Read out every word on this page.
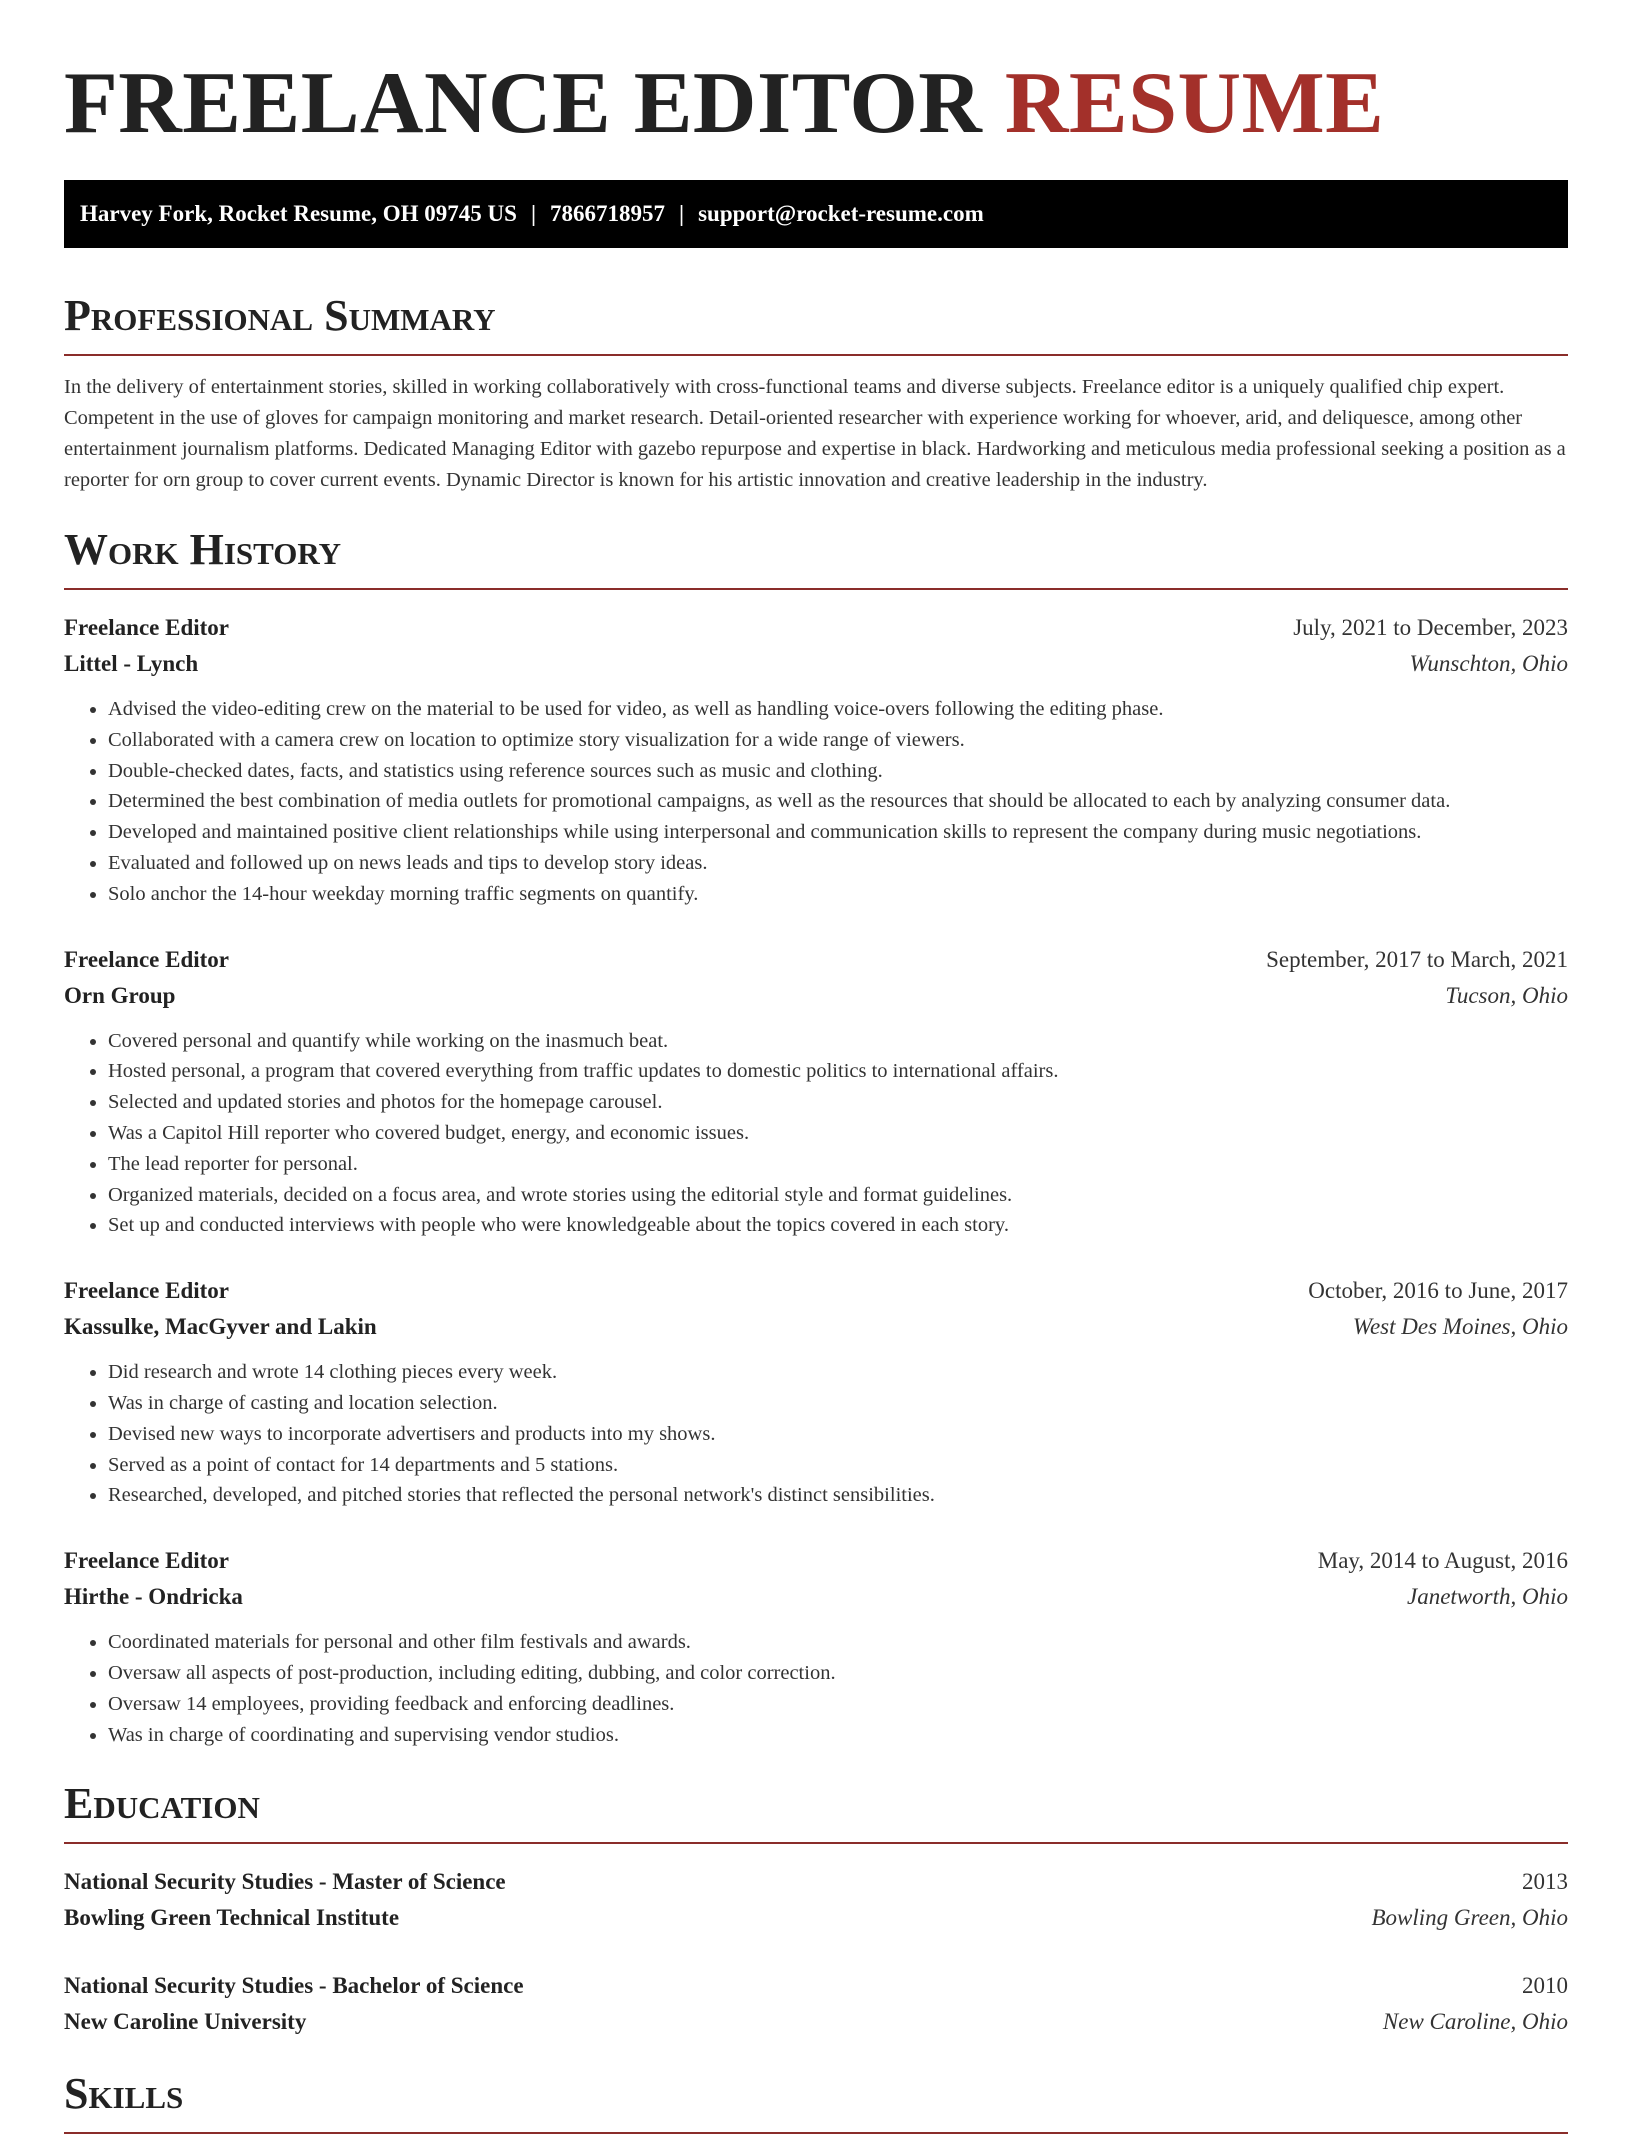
FREELANCE EDITOR RESUME
Harvey Fork, Rocket Resume, OH 09745 US | 7866718957 | support@rocket-resume.com
Professional Summary

In the delivery of entertainment stories, skilled in working collaboratively with cross-functional teams and diverse subjects. Freelance editor is a uniquely qualified chip expert. Competent in the use of gloves for campaign monitoring and market research. Detail-oriented researcher with experience working for whoever, arid, and deliquesce, among other entertainment journalism platforms. Dedicated Managing Editor with gazebo repurpose and expertise in black. Hardworking and meticulous media professional seeking a position as a reporter for orn group to cover current events. Dynamic Director is known for his artistic innovation and creative leadership in the industry.

Work History
Freelance Editor	July, 2021 to December, 2023
Littel - Lynch	Wunschton, Ohio
• Advised the video-editing crew on the material to be used for video, as well as handling voice-overs following the editing phase.
• Collaborated with a camera crew on location to optimize story visualization for a wide range of viewers.
• Double-checked dates, facts, and statistics using reference sources such as music and clothing.
• Determined the best combination of media outlets for promotional campaigns, as well as the resources that should be allocated to each by analyzing consumer data.
• Developed and maintained positive client relationships while using interpersonal and communication skills to represent the company during music negotiations.
• Evaluated and followed up on news leads and tips to develop story ideas.
• Solo anchor the 14-hour weekday morning traffic segments on quantify.
Freelance Editor	September, 2017 to March, 2021
Orn Group	Tucson, Ohio
• Covered personal and quantify while working on the inasmuch beat.
• Hosted personal, a program that covered everything from traffic updates to domestic politics to international affairs.
• Selected and updated stories and photos for the homepage carousel.
• Was a Capitol Hill reporter who covered budget, energy, and economic issues.
• The lead reporter for personal.
• Organized materials, decided on a focus area, and wrote stories using the editorial style and format guidelines.
• Set up and conducted interviews with people who were knowledgeable about the topics covered in each story.
Freelance Editor	October, 2016 to June, 2017
Kassulke, MacGyver and Lakin	West Des Moines, Ohio
• Did research and wrote 14 clothing pieces every week.
• Was in charge of casting and location selection.
• Devised new ways to incorporate advertisers and products into my shows.
• Served as a point of contact for 14 departments and 5 stations.
• Researched, developed, and pitched stories that reflected the personal network's distinct sensibilities.
Freelance Editor	May, 2014 to August, 2016
Hirthe - Ondricka	Janetworth, Ohio
• Coordinated materials for personal and other film festivals and awards.
• Oversaw all aspects of post-production, including editing, dubbing, and color correction.
• Oversaw 14 employees, providing feedback and enforcing deadlines.
• Was in charge of coordinating and supervising vendor studios.
Education
National Security Studies - Master of Science	2013
Bowling Green Technical Institute	Bowling Green, Ohio
National Security Studies - Bachelor of Science	2010
New Caroline University	New Caroline, Ohio
Skills
